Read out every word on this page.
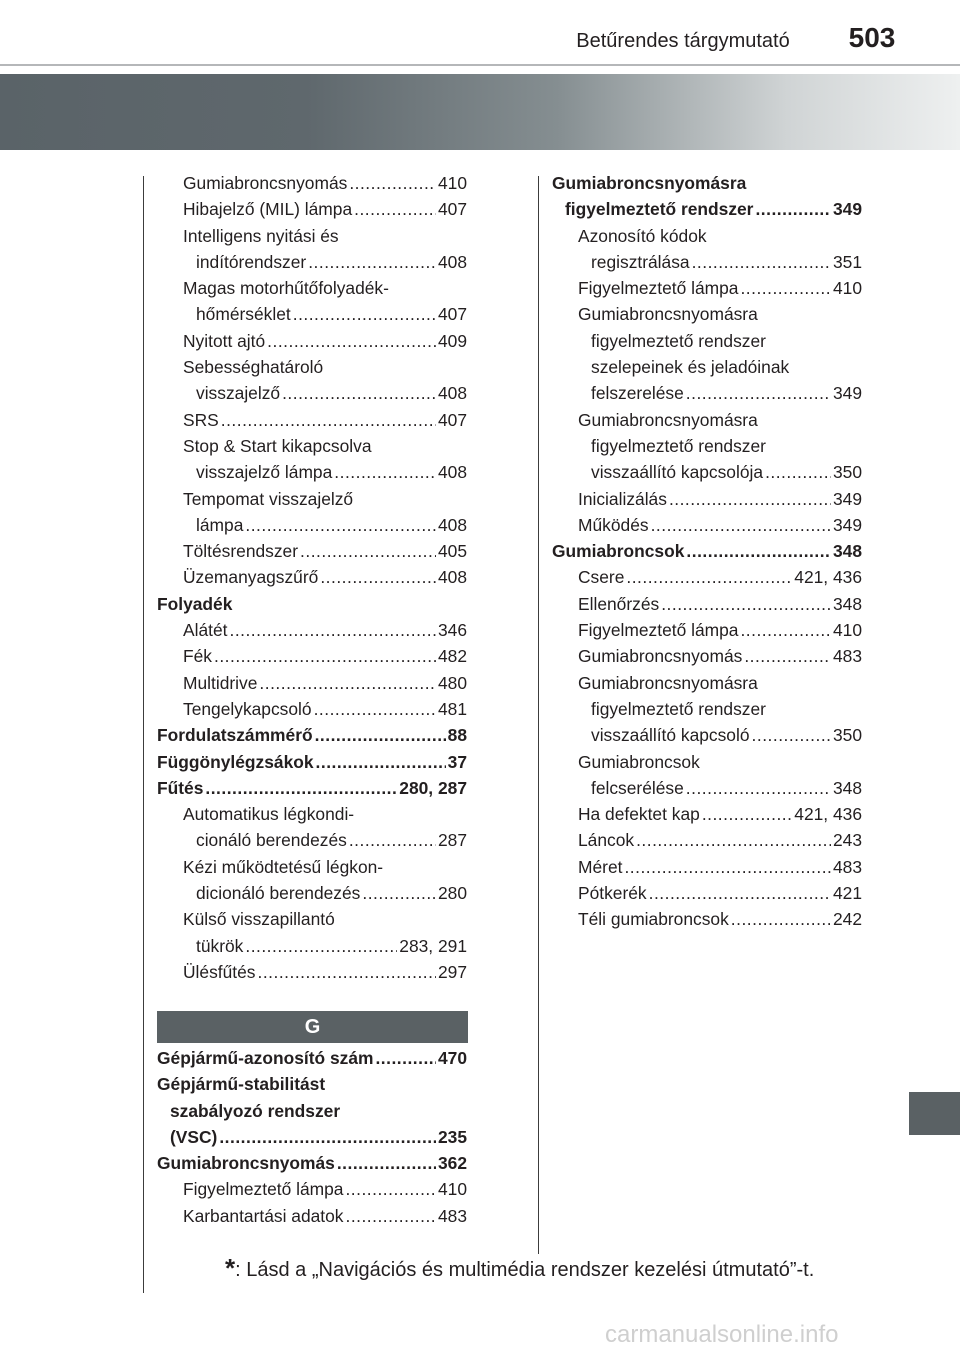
Betűrendes tárgymutató	503
Gumiabroncsnyomás .....	410
Hibajelző (MIL) lámpa .....	407
Intelligens nyitási és
indítórendszer .....	408
Magas motorhűtőfolyadék-
hőmérséklet .....	407
Nyitott ajtó .....	409
Sebességhatároló
visszajelző .....	408
SRS .....	407
Stop & Start kikapcsolva
visszajelző lámpa .....	408
Tempomat visszajelző
lámpa .....	408
Töltésrendszer .....	405
Üzemanyagszűrő .....	408
Folyadék
Alátét .....	346
Fék .....	482
Multidrive .....	480
Tengelykapcsoló .....	481
Fordulatszámmérő .....	88
Függönylégzsákok .....	37
Fűtés .....	280, 287
Automatikus légkondi-
cionáló berendezés .....	287
Kézi működtetésű légkon-
dicionáló berendezés .....	280
Külső visszapillantó
tükrök .....	283, 291
Ülésfűtés .....	297
G
Gépjármű-azonosító szám .....	470
Gépjármű-stabilitást
szabályozó rendszer
(VSC) .....	235
Gumiabroncsnyomás .....	362
Figyelmeztető lámpa .....	410
Karbantartási adatok .....	483
Gumiabroncsnyomásra
figyelmeztető rendszer .....	349
Azonosító kódok
regisztrálása .....	351
Figyelmeztető lámpa .....	410
Gumiabroncsnyomásra
figyelmeztető rendszer
szelepeinek és jeladóinak
felszerelése .....	349
Gumiabroncsnyomásra
figyelmeztető rendszer
visszaállító kapcsolója .....	350
Inicializálás .....	349
Működés .....	349
Gumiabroncsok .....	348
Csere .....	421, 436
Ellenőrzés .....	348
Figyelmeztető lámpa .....	410
Gumiabroncsnyomás .....	483
Gumiabroncsnyomásra
figyelmeztető rendszer
visszaállító kapcsoló .....	350
Gumiabroncsok
felcserélése .....	348
Ha defektet kap .....	421, 436
Láncok .....	243
Méret .....	483
Pótkerék .....	421
Téli gumiabroncsok .....	242
*: Lásd a „Navigációs és multimédia rendszer kezelési útmutató”-t.
carmanualsonline.info
